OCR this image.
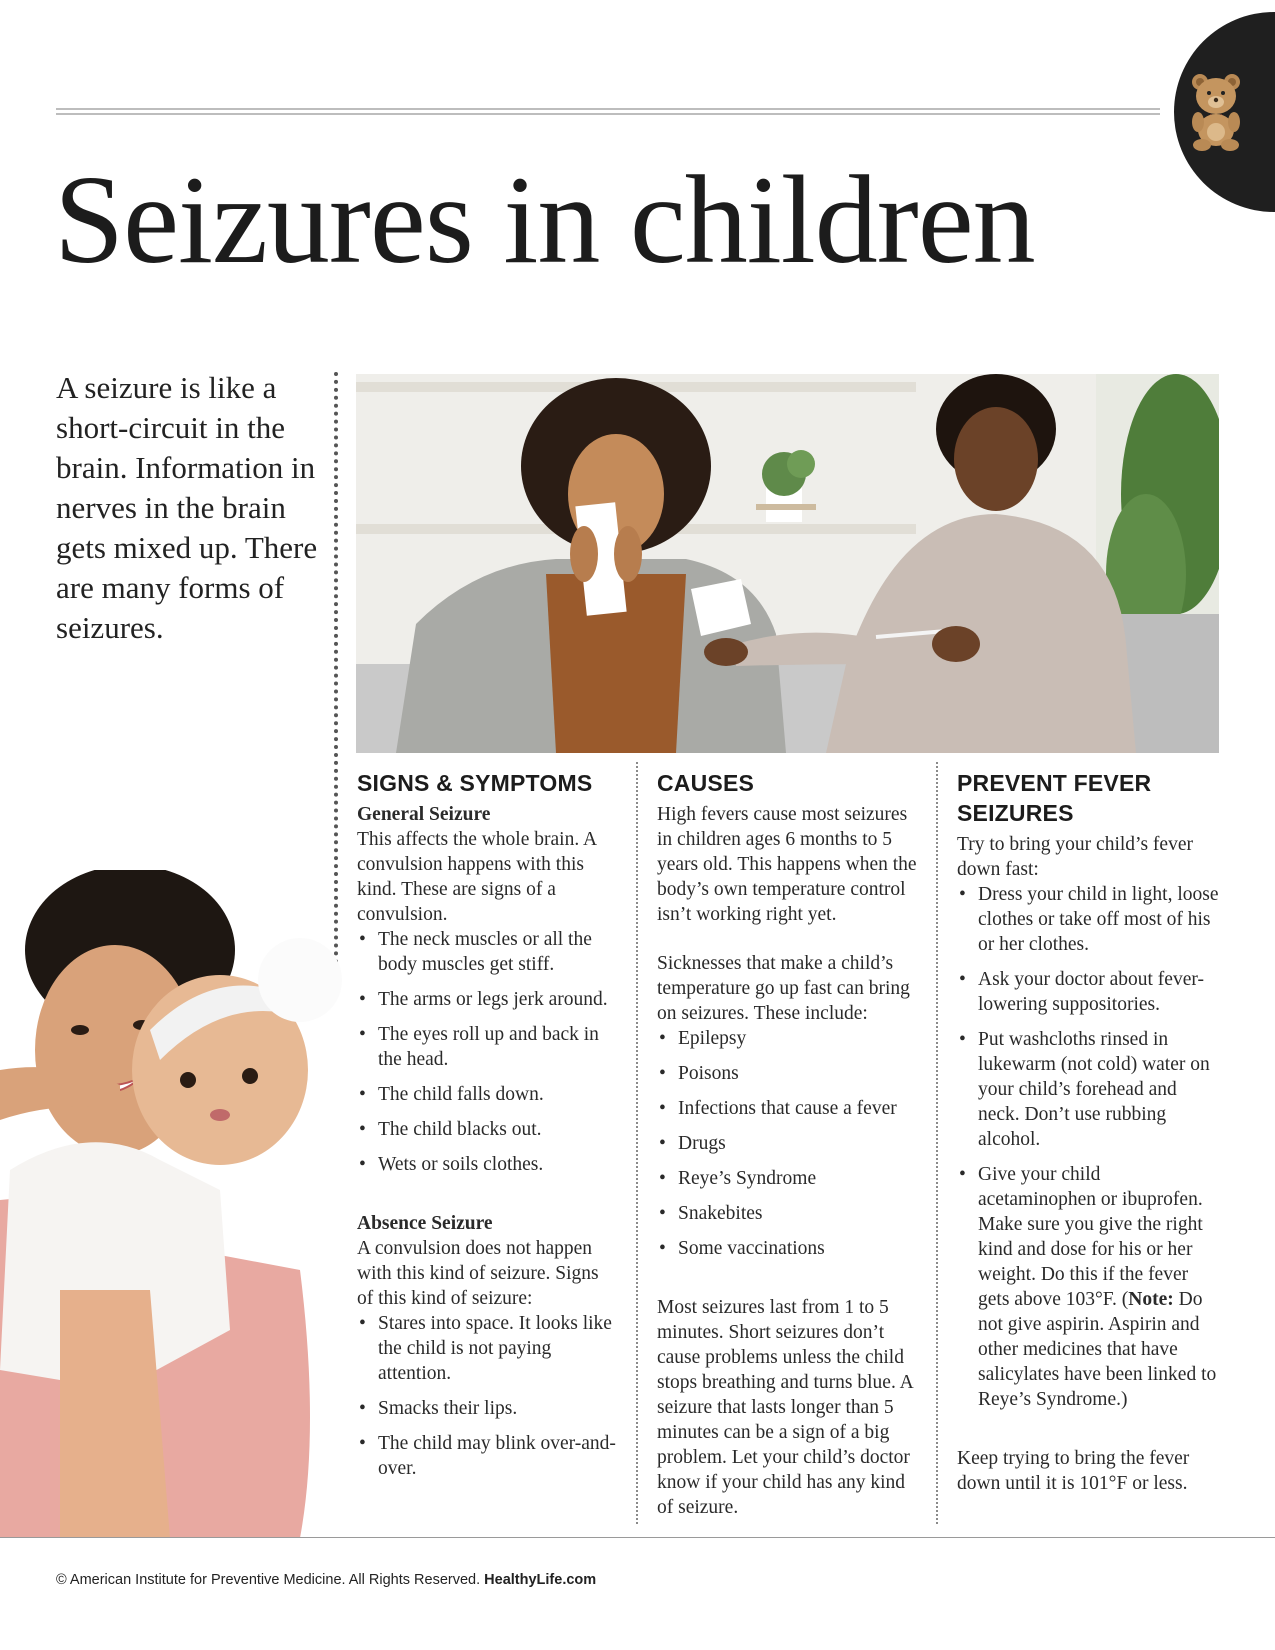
Seizures in children
A seizure is like a short-circuit in the brain. Information in nerves in the brain gets mixed up. There are many forms of seizures.
SIGNS & SYMPTOMS

General Seizure

This affects the whole brain. A convulsion happens with this kind. These are signs of a convulsion.

• The neck muscles or all the body muscles get stiff.
• The arms or legs jerk around.
• The eyes roll up and back in the head.
• The child falls down.
• The child blacks out.
• Wets or soils clothes.

Absence Seizure

A convulsion does not happen with this kind of seizure. Signs of this kind of seizure:

• Stares into space. It looks like the child is not paying attention.
• Smacks their lips.
• The child may blink over-and-over.
CAUSES

High fevers cause most seizures in children ages 6 months to 5 years old. This happens when the body’s own temperature control isn’t working right yet.

Sicknesses that make a child’s temperature go up fast can bring on seizures. These include:

• Epilepsy
• Poisons
• Infections that cause a fever
• Drugs
• Reye’s Syndrome
• Snakebites
• Some vaccinations

Most seizures last from 1 to 5 minutes. Short seizures don’t cause problems unless the child stops breathing and turns blue. A seizure that lasts longer than 5 minutes can be a sign of a big problem. Let your child’s doctor know if your child has any kind of seizure.

PREVENT FEVER SEIZURES

Try to bring your child’s fever down fast:

• Dress your child in light, loose clothes or take off most of his or her clothes.
• Ask your doctor about fever-lowering suppositories.
• Put washcloths rinsed in lukewarm (not cold) water on your child’s forehead and neck. Don’t use rubbing alcohol.
• Give your child acetaminophen or ibuprofen. Make sure you give the right kind and dose for his or her weight. Do this if the fever gets above 103°F. (Note: Do not give aspirin. Aspirin and other medicines that have salicylates have been linked to Reye’s Syndrome.)

Keep trying to bring the fever down until it is 101°F or less.

© American Institute for Preventive Medicine. All Rights Reserved. HealthyLife.com
